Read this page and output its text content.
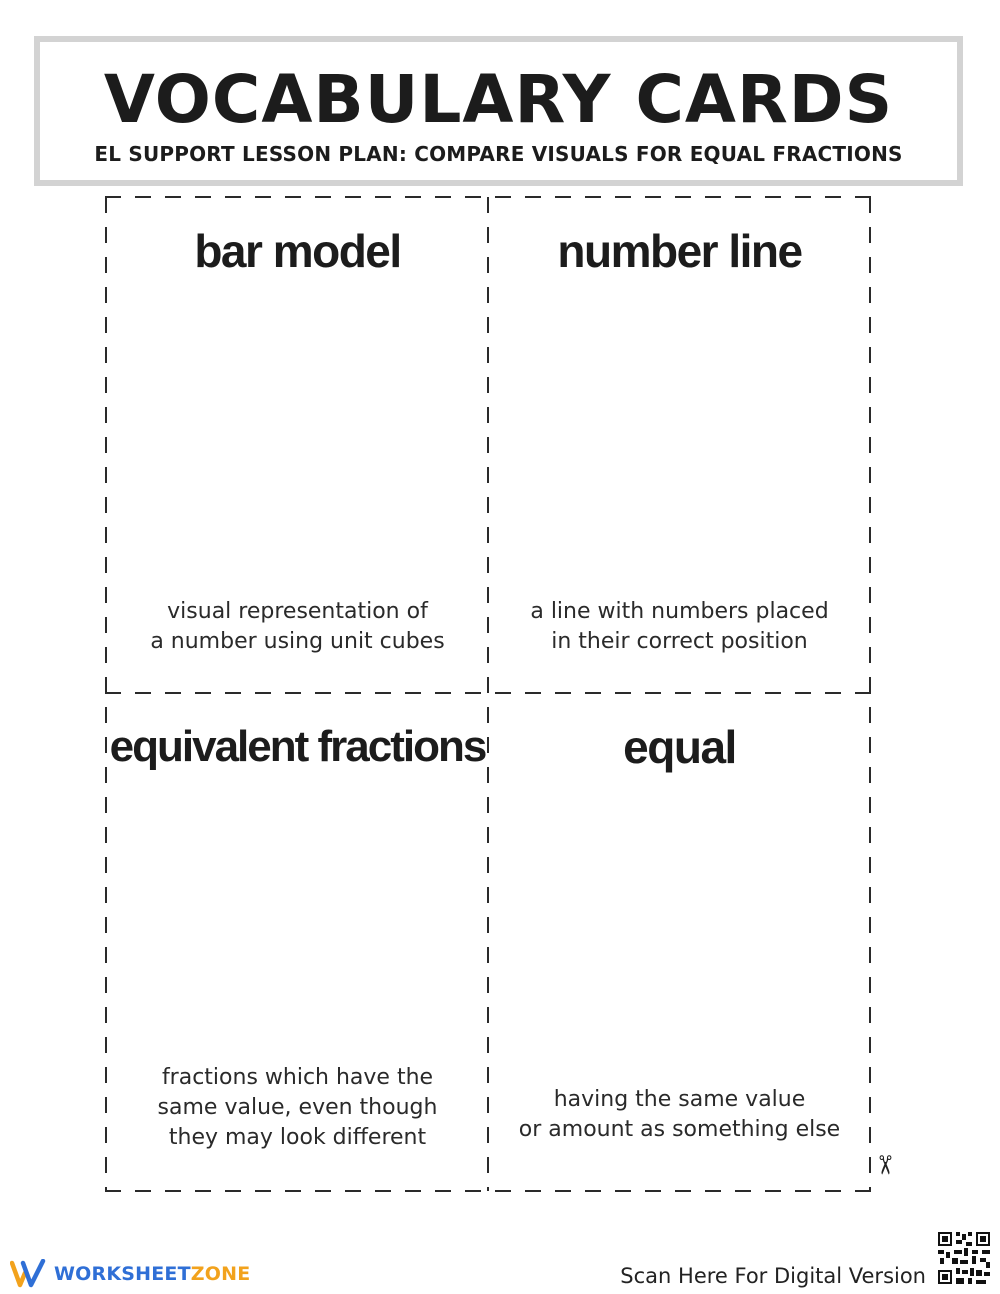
VOCABULARY CARDS
EL SUPPORT LESSON PLAN: COMPARE VISUALS FOR EQUAL FRACTIONS
bar model
visual representation of
a number using unit cubes
number line
a line with numbers placed
in their correct position
equivalent fractions
fractions which have the
same value, even though
they may look different
equal
having the same value
or amount as something else
✂
WORKSHEETZONE	Scan Here For Digital Version
